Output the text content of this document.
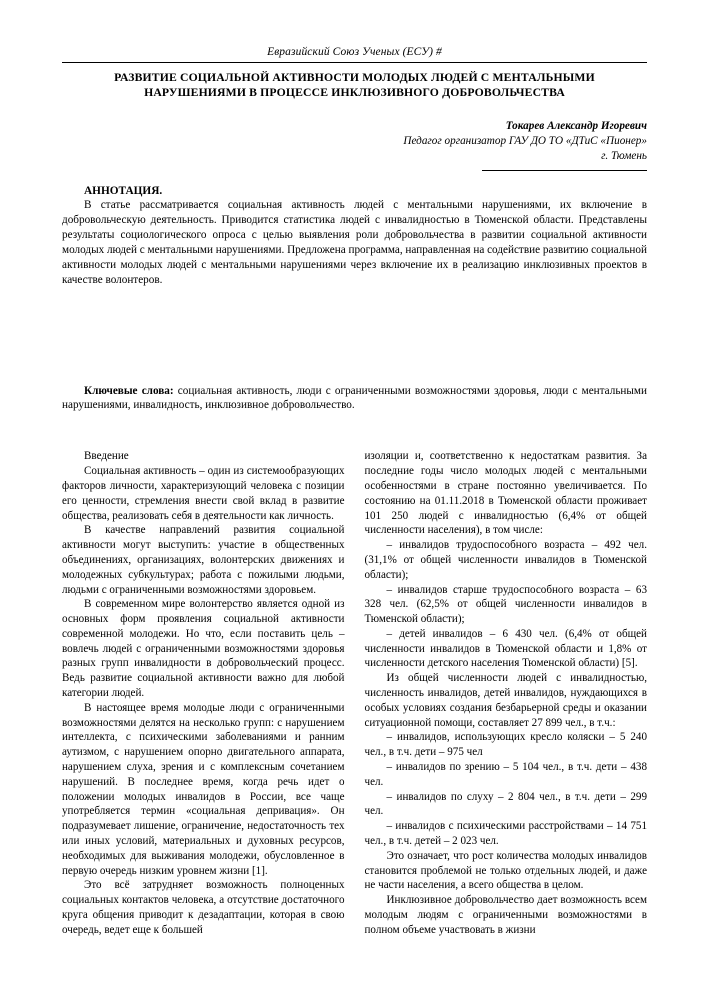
Евразийский Союз Ученых (ЕСУ) #
РАЗВИТИЕ СОЦИАЛЬНОЙ АКТИВНОСТИ МОЛОДЫХ ЛЮДЕЙ С МЕНТАЛЬНЫМИ НАРУШЕНИЯМИ В ПРОЦЕССЕ ИНКЛЮЗИВНОГО ДОБРОВОЛЬЧЕСТВА
Токарев Александр Игоревич
Педагог организатор ГАУ ДО ТО «ДТиС «Пионер»
г. Тюмень
АННОТАЦИЯ.

В статье рассматривается социальная активность людей с ментальными нарушениями, их включение в добровольческую деятельность. Приводится статистика людей с инвалидностью в Тюменской области. Представлены результаты социологического опроса с целью выявления роли добровольчества в развитии социальной активности молодых людей с ментальными нарушениями. Предложена программа, направленная на содействие развитию социальной активности молодых людей с ментальными нарушениями через включение их в реализацию инклюзивных проектов в качестве волонтеров.

Ключевые слова: социальная активность, люди с ограниченными возможностями здоровья, люди с ментальными нарушениями, инвалидность, инклюзивное добровольчество.

Введение

Социальная активность – один из системообразующих факторов личности, характеризующий человека с позиции его ценности, стремления внести свой вклад в развитие общества, реализовать себя в деятельности как личность.

В качестве направлений развития социальной активности могут выступить: участие в общественных объединениях, организациях, волонтерских движениях и молодежных субкультурах; работа с пожилыми людьми, людьми с ограниченными возможностями здоровьем.

В современном мире волонтерство является одной из основных форм проявления социальной активности современной молодежи. Но что, если поставить цель – вовлечь людей с ограниченными возможностями здоровья разных групп инвалидности в добровольческий процесс. Ведь развитие социальной активности важно для любой категории людей.

В настоящее время молодые люди с ограниченными возможностями делятся на несколько групп: с нарушением интеллекта, с психическими заболеваниями и ранним аутизмом, с нарушением опорно двигательного аппарата, нарушением слуха, зрения и с комплексным сочетанием нарушений. В последнее время, когда речь идет о положении молодых инвалидов в России, все чаще употребляется термин «социальная депривация». Он подразумевает лишение, ограничение, недостаточность тех или иных условий, материальных и духовных ресурсов, необходимых для выживания молодежи, обусловленное в первую очередь низким уровнем жизни [1].

Это всё затрудняет возможность полноценных социальных контактов человека, а отсутствие достаточного круга общения приводит к дезадаптации, которая в свою очередь, ведет еще к большей

изоляции и, соответственно к недостаткам развития. За последние годы число молодых людей с ментальными особенностями в стране постоянно увеличивается. По состоянию на 01.11.2018 в Тюменской области проживает 101 250 людей с инвалидностью (6,4% от общей численности населения), в том числе:

– инвалидов трудоспособного возраста – 492 чел. (31,1% от общей численности инвалидов в Тюменской области);

– инвалидов старше трудоспособного возраста – 63 328 чел. (62,5% от общей численности инвалидов в Тюменской области);

– детей инвалидов – 6 430 чел. (6,4% от общей численности инвалидов в Тюменской области и 1,8% от численности детского населения Тюменской области) [5].

Из общей численности людей с инвалидностью, численность инвалидов, детей инвалидов, нуждающихся в особых условиях создания безбарьерной среды и оказании ситуационной помощи, составляет 27 899 чел., в т.ч.:

– инвалидов, использующих кресло коляски – 5 240 чел., в т.ч. дети – 975 чел

– инвалидов по зрению – 5 104 чел., в т.ч. дети – 438 чел.

– инвалидов по слуху – 2 804 чел., в т.ч. дети – 299 чел.

– инвалидов с психическими расстройствами – 14 751 чел., в т.ч. детей – 2 023 чел.

Это означает, что рост количества молодых инвалидов становится проблемой не только отдельных людей, и даже не части населения, а всего общества в целом.

Инклюзивное добровольчество дает возможность всем молодым людям с ограниченными возможностями в полном объеме участвовать в жизни
